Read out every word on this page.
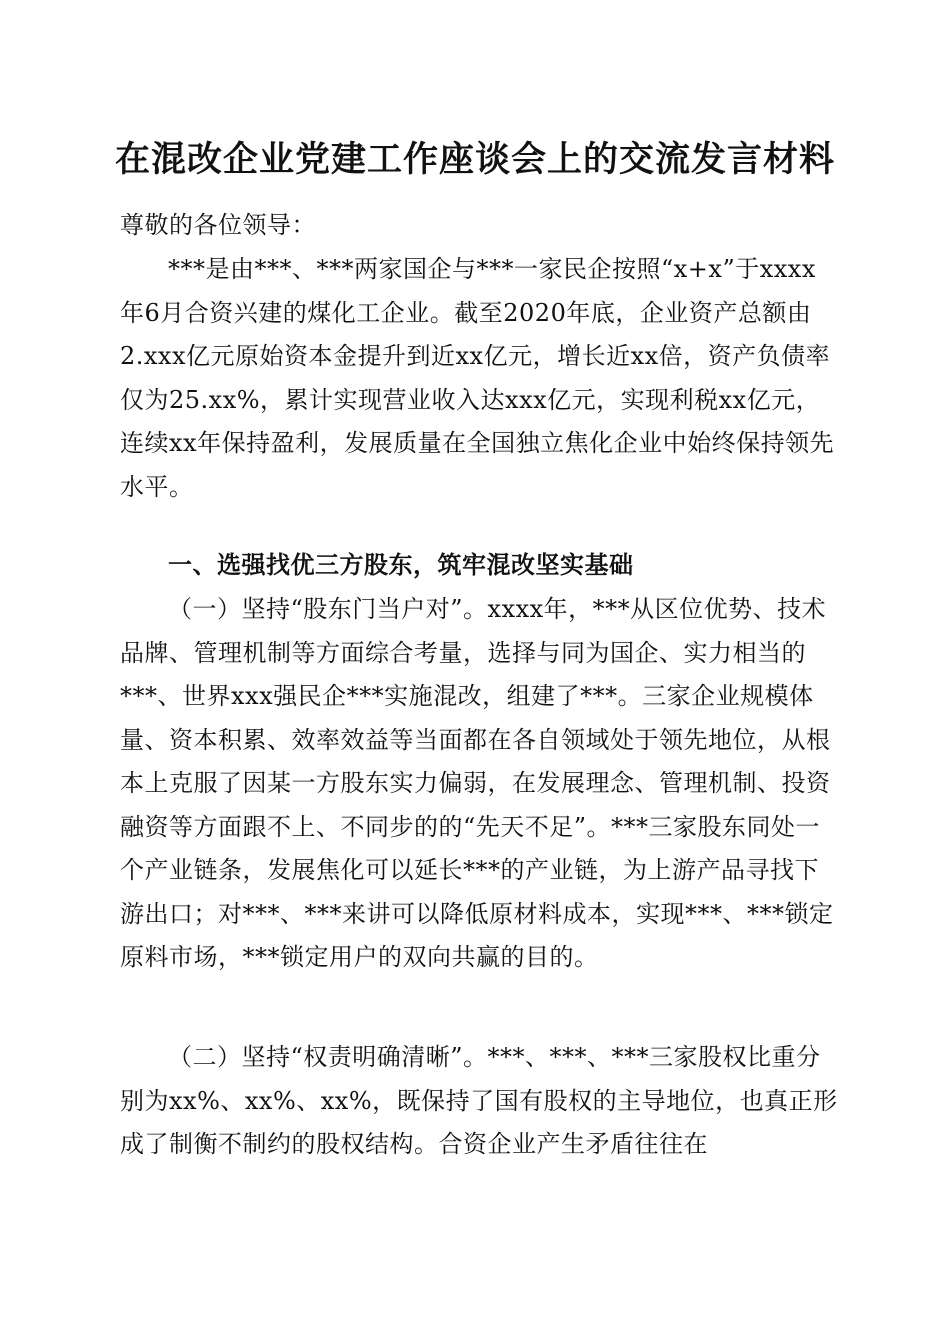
在混改企业党建工作座谈会上的交流发言材料
尊敬的各位领导：
***是由***、***两家国企与***一家民企按照“x+x”于xxxx年6月合资兴建的煤化工企业。截至2020年底，企业资产总额由2.xxx亿元原始资本金提升到近xx亿元，增长近xx倍，资产负债率仅为25.xx%，累计实现营业收入达xxx亿元，实现利税xx亿元，连续xx年保持盈利，发展质量在全国独立焦化企业中始终保持领先水平。
一、选强找优三方股东，筑牢混改坚实基础
（一）坚持“股东门当户对”。xxxx年，***从区位优势、技术品牌、管理机制等方面综合考量，选择与同为国企、实力相当的***、世界xxx强民企***实施混改，组建了***。三家企业规模体量、资本积累、效率效益等当面都在各自领域处于领先地位，从根本上克服了因某一方股东实力偏弱，在发展理念、管理机制、投资融资等方面跟不上、不同步的的“先天不足”。***三家股东同处一个产业链条，发展焦化可以延长***的产业链，为上游产品寻找下游出口；对***、***来讲可以降低原材料成本，实现***、***锁定原料市场，***锁定用户的双向共赢的目的。
（二）坚持“权责明确清晰”。***、***、***三家股权比重分别为xx%、xx%、xx%，既保持了国有股权的主导地位，也真正形成了制衡不制约的股权结构。合资企业产生矛盾往往在
